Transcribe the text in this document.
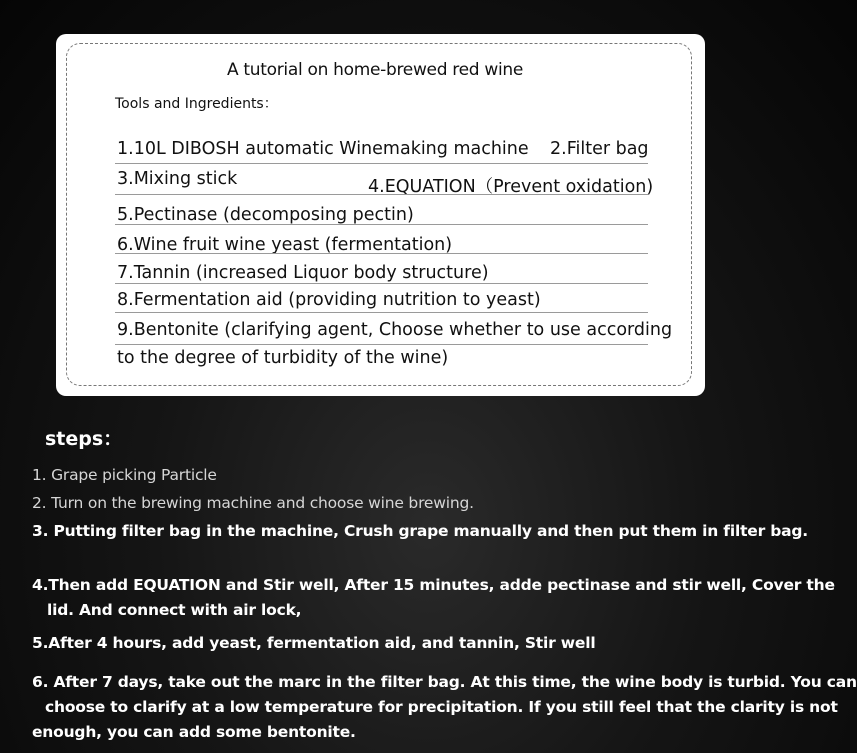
A tutorial on home-brewed red wine
Tools and Ingredients：
1.10L DIBOSH automatic Winemaking machine 2.Filter bag
3.Mixing stick	4.EQUATION（Prevent oxidation)
5.Pectinase (decomposing pectin)
6.Wine fruit wine yeast (fermentation)
7.Tannin (increased Liquor body structure)
8.Fermentation aid (providing nutrition to yeast)
9.Bentonite (clarifying agent, Choose whether to use according
to the degree of turbidity of the wine)
steps：
1. Grape picking Particle
2. Turn on the brewing machine and choose wine brewing.
3. Putting filter bag in the machine, Crush grape manually and then put them in filter bag.
4.Then add EQUATION and Stir well, After 15 minutes, adde pectinase and stir well, Cover the
lid. And connect with air lock,
5.After 4 hours, add yeast, fermentation aid, and tannin, Stir well
6. After 7 days, take out the marc in the filter bag. At this time, the wine body is turbid. You can
choose to clarify at a low temperature for precipitation. If you still feel that the clarity is not
enough, you can add some bentonite.
